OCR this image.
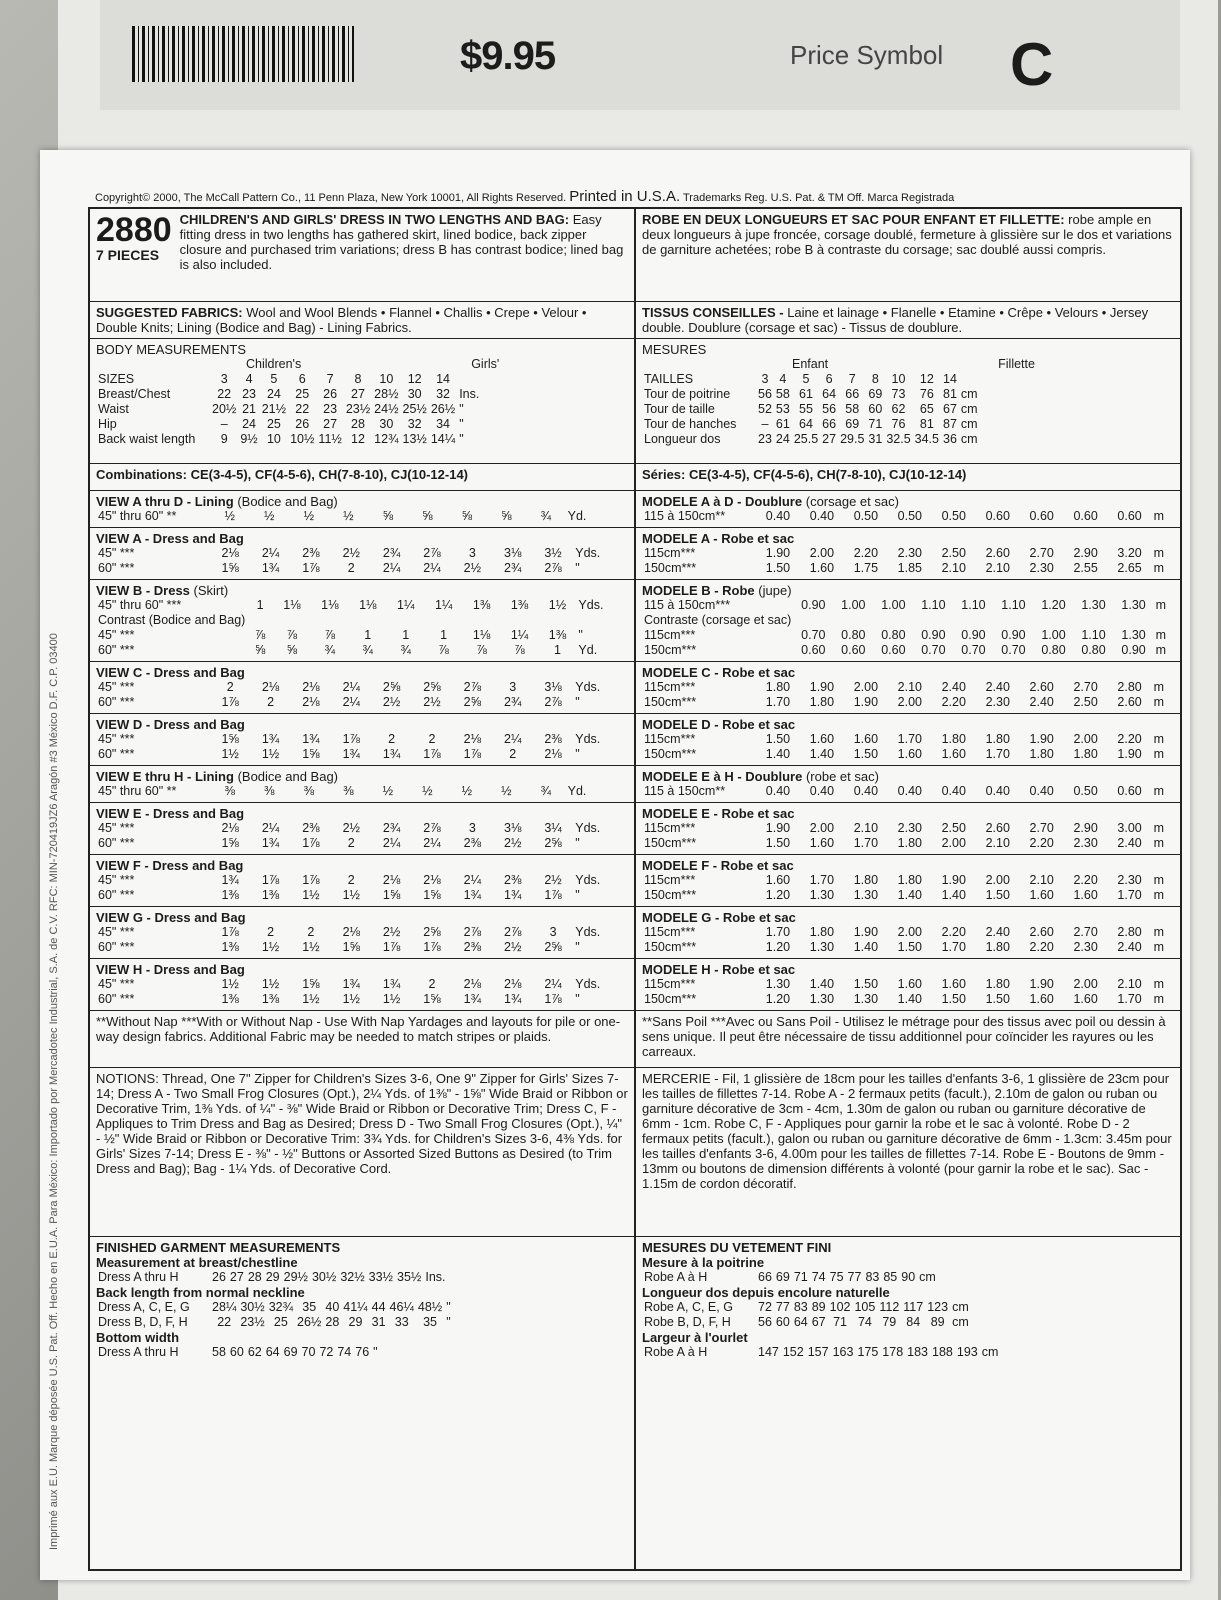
$9.95	Price Symbol C
Imprimé aux E.U. Marque déposée U.S. Pat. Off. Hecho en E.U.A. Para México: Importado por Mercadotec Industrial, S.A. de C.V. RFC: MIN-720419JZ6 Aragón #3 México D.F. C.P. 03400
Copyright© 2000, The McCall Pattern Co., 11 Penn Plaza, New York 10001, All Rights Reserved. Printed in U.S.A. Trademarks Reg. U.S. Pat. & TM Off. Marca Registrada
2880
7 PIECES
CHILDREN'S AND GIRLS' DRESS IN TWO LENGTHS AND BAG: Easy fitting dress in two lengths has gathered skirt, lined bodice, back zipper closure and purchased trim variations; dress B has contrast bodice; lined bag is also included.
SUGGESTED FABRICS: Wool and Wool Blends • Flannel • Challis • Crepe • Velour • Double Knits; Lining (Bodice and Bag) - Lining Fabrics.
BODY MEASUREMENTS
Children's	Girls'
SIZES	3	4	5	6	7	8	10	12	14	
Breast/Chest	22	23	24	25	26	27	28½	30	32	Ins.
Waist	20½	21	21½	22	23	23½	24½	25½	26½	"
Hip	–	24	25	26	27	28	30	32	34	"
Back waist length	9	9½	10	10½	11½	12	12¾	13½	14¼	"
Combinations: CE(3-4-5), CF(4-5-6), CH(7-8-10), CJ(10-12-14)
VIEW A thru D - Lining (Bodice and Bag)
45" thru 60" **	½	½	½	½	⅝	⅝	⅝	⅝	¾	Yd.
VIEW A - Dress and Bag
45" ***	2⅛	2¼	2⅜	2½	2¾	2⅞	3	3⅛	3½	Yds.
60" ***	1⅝	1¾	1⅞	2	2¼	2¼	2½	2¾	2⅞	"
VIEW B - Dress (Skirt)
45" thru 60" ***	1	1⅛	1⅛	1⅛	1¼	1¼	1⅜	1⅜	1½	Yds.
Contrast (Bodice and Bag)										
45" ***	⅞	⅞	⅞	1	1	1	1⅛	1¼	1⅜	"
60" ***	⅝	⅝	¾	¾	¾	⅞	⅞	⅞	1	Yd.
VIEW C - Dress and Bag
45" ***	2	2⅛	2⅛	2¼	2⅝	2⅝	2⅞	3	3⅛	Yds.
60" ***	1⅞	2	2⅛	2¼	2½	2½	2⅝	2¾	2⅞	"
VIEW D - Dress and Bag
45" ***	1⅝	1¾	1¾	1⅞	2	2	2⅛	2¼	2⅜	Yds.
60" ***	1½	1½	1⅝	1¾	1¾	1⅞	1⅞	2	2⅛	"
VIEW E thru H - Lining (Bodice and Bag)
45" thru 60" **	⅜	⅜	⅜	⅜	½	½	½	½	¾	Yd.
VIEW E - Dress and Bag
45" ***	2⅛	2¼	2⅜	2½	2¾	2⅞	3	3⅛	3¼	Yds.
60" ***	1⅝	1¾	1⅞	2	2¼	2¼	2⅜	2½	2⅝	"
VIEW F - Dress and Bag
45" ***	1¾	1⅞	1⅞	2	2⅛	2⅛	2¼	2⅜	2½	Yds.
60" ***	1⅜	1⅜	1½	1½	1⅝	1⅝	1¾	1¾	1⅞	"
VIEW G - Dress and Bag
45" ***	1⅞	2	2	2⅛	2½	2⅝	2⅞	2⅞	3	Yds.
60" ***	1⅜	1½	1½	1⅝	1⅞	1⅞	2⅜	2½	2⅝	"
VIEW H - Dress and Bag
45" ***	1½	1½	1⅝	1¾	1¾	2	2⅛	2⅛	2¼	Yds.
60" ***	1⅜	1⅜	1½	1½	1½	1⅝	1¾	1¾	1⅞	"
**Without Nap ***With or Without Nap - Use With Nap Yardages and layouts for pile or one-way design fabrics. Additional Fabric may be needed to match stripes or plaids.
NOTIONS: Thread, One 7" Zipper for Children's Sizes 3-6, One 9" Zipper for Girls' Sizes 7-14; Dress A - Two Small Frog Closures (Opt.), 2¼ Yds. of 1⅜" - 1⅝" Wide Braid or Ribbon or Decorative Trim, 1⅜ Yds. of ¼" - ⅜" Wide Braid or Ribbon or Decorative Trim; Dress C, F - Appliques to Trim Dress and Bag as Desired; Dress D - Two Small Frog Closures (Opt.), ¼" - ½" Wide Braid or Ribbon or Decorative Trim: 3¾ Yds. for Children's Sizes 3-6, 4⅜ Yds. for Girls' Sizes 7-14; Dress E - ⅜" - ½" Buttons or Assorted Sized Buttons as Desired (to Trim Dress and Bag); Bag - 1¼ Yds. of Decorative Cord.
FINISHED GARMENT MEASUREMENTS
Measurement at breast/chestline
Dress A thru H	26	27	28	29	29½	30½	32½	33½	35½	Ins.
Back length from normal neckline
Dress A, C, E, G	28¼	30½	32¾	35	40	41¼	44	46¼	48½	"
Dress B, D, F, H	22	23½	25	26½	28	29	31	33	35	"
Bottom width
Dress A thru H	58	60	62	64	69	70	72	74	76	"
ROBE EN DEUX LONGUEURS ET SAC POUR ENFANT ET FILLETTE: robe ample en deux longueurs à jupe froncée, corsage doublé, fermeture à glissière sur le dos et variations de garniture achetées; robe B à contraste du corsage; sac doublé aussi compris.
TISSUS CONSEILLES - Laine et lainage • Flanelle • Etamine • Crêpe • Velours • Jersey double. Doublure (corsage et sac) - Tissus de doublure.
MESURES
Enfant	Fillette
TAILLES	3	4	5	6	7	8	10	12	14	
Tour de poitrine	56	58	61	64	66	69	73	76	81	cm
Tour de taille	52	53	55	56	58	60	62	65	67	cm
Tour de hanches	–	61	64	66	69	71	76	81	87	cm
Longueur dos	23	24	25.5	27	29.5	31	32.5	34.5	36	cm
Séries: CE(3-4-5), CF(4-5-6), CH(7-8-10), CJ(10-12-14)
MODELE A à D - Doublure (corsage et sac)
115 à 150cm**	0.40	0.40	0.50	0.50	0.50	0.60	0.60	0.60	0.60	m
MODELE A - Robe et sac
115cm***	1.90	2.00	2.20	2.30	2.50	2.60	2.70	2.90	3.20	m
150cm***	1.50	1.60	1.75	1.85	2.10	2.10	2.30	2.55	2.65	m
MODELE B - Robe (jupe)
115 à 150cm***	0.90	1.00	1.00	1.10	1.10	1.10	1.20	1.30	1.30	m
Contraste (corsage et sac)										
115cm***	0.70	0.80	0.80	0.90	0.90	0.90	1.00	1.10	1.30	m
150cm***	0.60	0.60	0.60	0.70	0.70	0.70	0.80	0.80	0.90	m
MODELE C - Robe et sac
115cm***	1.80	1.90	2.00	2.10	2.40	2.40	2.60	2.70	2.80	m
150cm***	1.70	1.80	1.90	2.00	2.20	2.30	2.40	2.50	2.60	m
MODELE D - Robe et sac
115cm***	1.50	1.60	1.60	1.70	1.80	1.80	1.90	2.00	2.20	m
150cm***	1.40	1.40	1.50	1.60	1.60	1.70	1.80	1.80	1.90	m
MODELE E à H - Doublure (robe et sac)
115 à 150cm**	0.40	0.40	0.40	0.40	0.40	0.40	0.40	0.50	0.60	m
MODELE E - Robe et sac
115cm***	1.90	2.00	2.10	2.30	2.50	2.60	2.70	2.90	3.00	m
150cm***	1.50	1.60	1.70	1.80	2.00	2.10	2.20	2.30	2.40	m
MODELE F - Robe et sac
115cm***	1.60	1.70	1.80	1.80	1.90	2.00	2.10	2.20	2.30	m
150cm***	1.20	1.30	1.30	1.40	1.40	1.50	1.60	1.60	1.70	m
MODELE G - Robe et sac
115cm***	1.70	1.80	1.90	2.00	2.20	2.40	2.60	2.70	2.80	m
150cm***	1.20	1.30	1.40	1.50	1.70	1.80	2.20	2.30	2.40	m
MODELE H - Robe et sac
115cm***	1.30	1.40	1.50	1.60	1.60	1.80	1.90	2.00	2.10	m
150cm***	1.20	1.30	1.30	1.40	1.50	1.50	1.60	1.60	1.70	m
**Sans Poil ***Avec ou Sans Poil - Utilisez le métrage pour des tissus avec poil ou dessin à sens unique. Il peut être nécessaire de tissu additionnel pour coïncider les rayures ou les carreaux.
MERCERIE - Fil, 1 glissière de 18cm pour les tailles d'enfants 3-6, 1 glissière de 23cm pour les tailles de fillettes 7-14. Robe A - 2 fermaux petits (facult.), 2.10m de galon ou ruban ou garniture décorative de 3cm - 4cm, 1.30m de galon ou ruban ou garniture décorative de 6mm - 1cm. Robe C, F - Appliques pour garnir la robe et le sac à volonté. Robe D - 2 fermaux petits (facult.), galon ou ruban ou garniture décorative de 6mm - 1.3cm: 3.45m pour les tailles d'enfants 3-6, 4.00m pour les tailles de fillettes 7-14. Robe E - Boutons de 9mm - 13mm ou boutons de dimension différents à volonté (pour garnir la robe et le sac). Sac - 1.15m de cordon décoratif.
MESURES DU VETEMENT FINI
Mesure à la poitrine
Robe A à H	66	69	71	74	75	77	83	85	90	cm
Longueur dos depuis encolure naturelle
Robe A, C, E, G	72	77	83	89	102	105	112	117	123	cm
Robe B, D, F, H	56	60	64	67	71	74	79	84	89	cm
Largeur à l'ourlet
Robe A à H	147	152	157	163	175	178	183	188	193	cm
